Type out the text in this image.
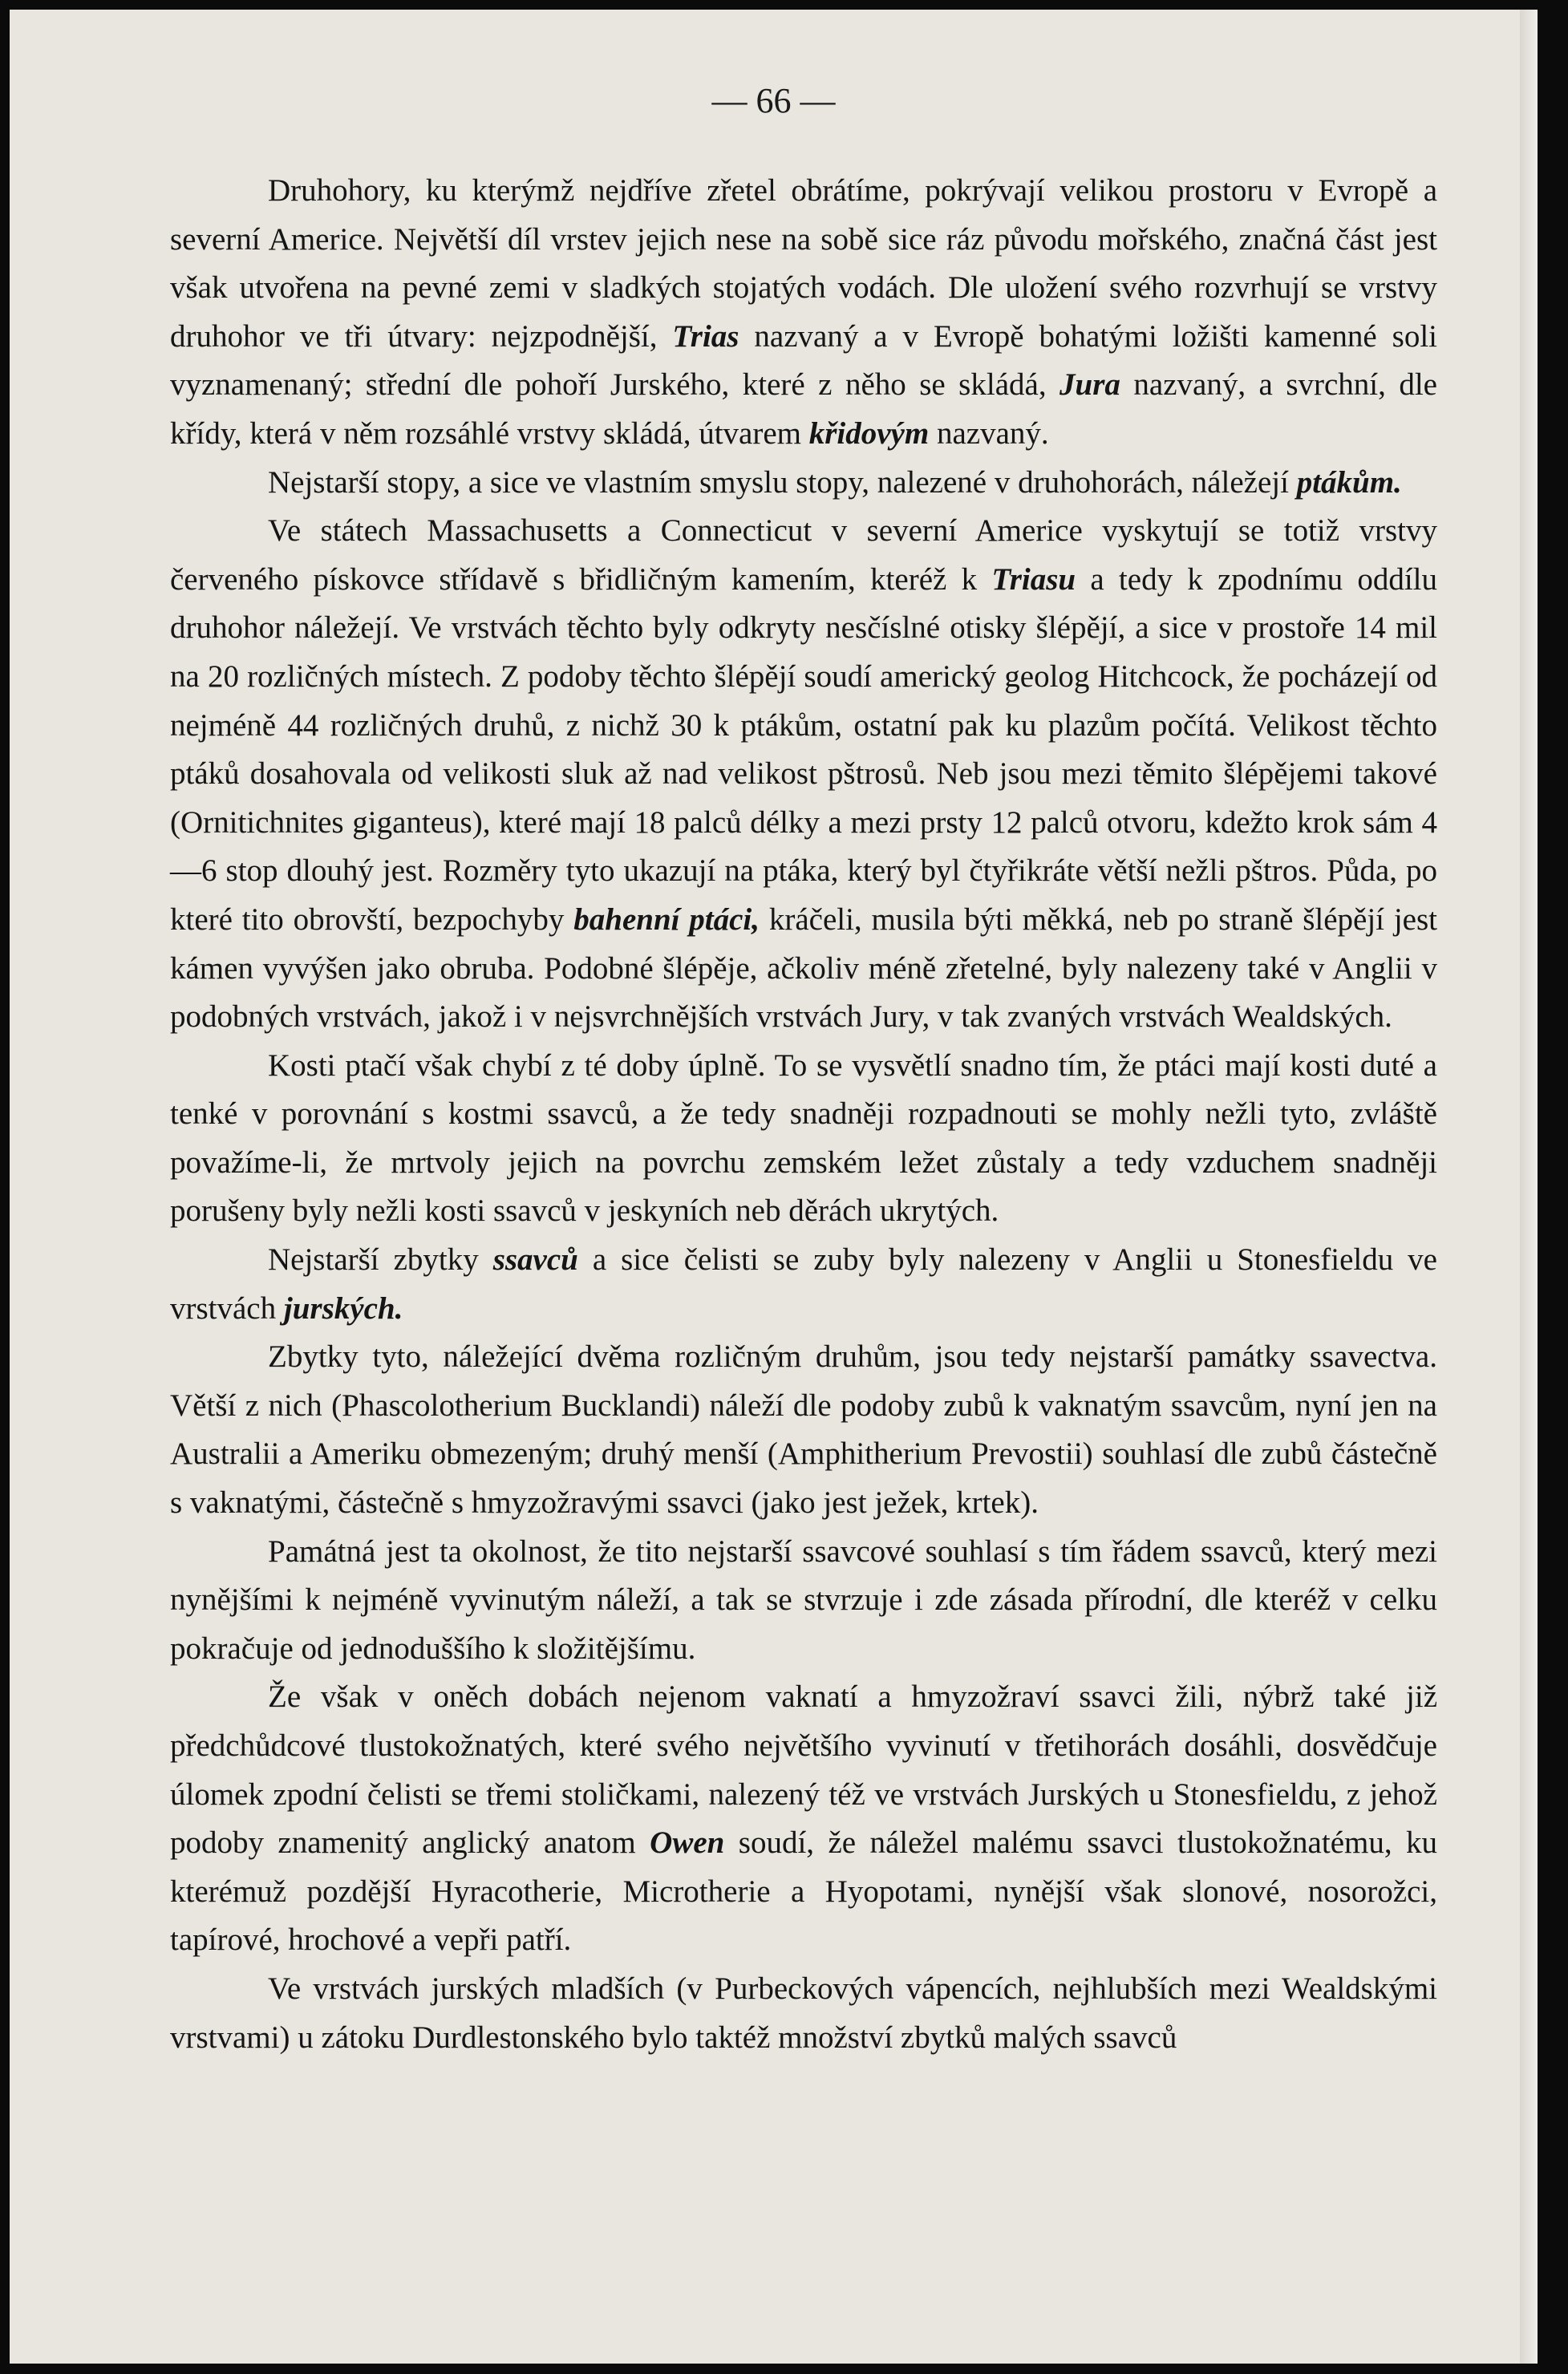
— 66 —

Druhohory, ku kterýmž nejdříve zřetel obrátíme, pokrývají velikou prostoru v Evropě a severní Americe. Největší díl vrstev jejich nese na sobě sice ráz původu mořského, značná část jest však utvořena na pevné zemi v sladkých stojatých vodách. Dle uložení svého rozvrhují se vrstvy druhohor ve tři útvary: nejzpodnější, Trias nazvaný a v Evropě bohatými ložišti kamenné soli vyznamenaný; střední dle pohoří Jurského, které z něho se skládá, Jura nazvaný, a svrchní, dle křídy, která v něm rozsáhlé vrstvy skládá, útvarem křidovým nazvaný.

Nejstarší stopy, a sice ve vlastním smyslu stopy, nalezené v druhohorách, náležejí ptákům.

Ve státech Massachusetts a Connecticut v severní Americe vyskytují se totiž vrstvy červeného pískovce střídavě s břidličným kamením, kteréž k Triasu a tedy k zpodnímu oddílu druhohor náležejí. Ve vrstvách těchto byly odkryty nesčíslné otisky šlépějí, a sice v prostoře 14 mil na 20 rozličných místech. Z podoby těchto šlépějí soudí americký geolog Hitchcock, že pocházejí od nejméně 44 rozličných druhů, z nichž 30 k ptákům, ostatní pak ku plazům počítá. Velikost těchto ptáků dosahovala od velikosti sluk až nad velikost pštrosů. Neb jsou mezi těmito šlépějemi takové (Ornitichnites giganteus), které mají 18 palců délky a mezi prsty 12 palců otvoru, kdežto krok sám 4—6 stop dlouhý jest. Rozměry tyto ukazují na ptáka, který byl čtyřikráte větší nežli pštros. Půda, po které tito obrovští, bezpochyby bahenní ptáci, kráčeli, musila býti měkká, neb po straně šlépějí jest kámen vyvýšen jako obruba. Podobné šlépěje, ačkoliv méně zřetelné, byly nalezeny také v Anglii v podobných vrstvách, jakož i v nejsvrchnějších vrstvách Jury, v tak zvaných vrstvách Wealdských.

Kosti ptačí však chybí z té doby úplně. To se vysvětlí snadno tím, že ptáci mají kosti duté a tenké v porovnání s kostmi ssavců, a že tedy snadněji rozpadnouti se mohly nežli tyto, zvláště považíme-li, že mrtvoly jejich na povrchu zemském ležet zůstaly a tedy vzduchem snadněji porušeny byly nežli kosti ssavců v jeskyních neb děrách ukrytých.

Nejstarší zbytky ssavců a sice čelisti se zuby byly nalezeny v Anglii u Stonesfieldu ve vrstvách jurských.

Zbytky tyto, náležející dvěma rozličným druhům, jsou tedy nejstarší památky ssavectva. Větší z nich (Phascolotherium Bucklandi) náleží dle podoby zubů k vaknatým ssavcům, nyní jen na Australii a Ameriku obmezeným; druhý menší (Amphitherium Prevostii) souhlasí dle zubů částečně s vaknatými, částečně s hmyzožravými ssavci (jako jest ježek, krtek).

Památná jest ta okolnost, že tito nejstarší ssavcové souhlasí s tím řádem ssavců, který mezi nynějšími k nejméně vyvinutým náleží, a tak se stvrzuje i zde zásada přírodní, dle kteréž v celku pokračuje od jednoduššího k složitějšímu.

Že však v oněch dobách nejenom vaknatí a hmyzožraví ssavci žili, nýbrž také již předchůdcové tlustokožnatých, které svého největšího vyvinutí v třetihorách dosáhli, dosvědčuje úlomek zpodní čelisti se třemi stoličkami, nalezený též ve vrstvách Jurských u Stonesfieldu, z jehož podoby znamenitý anglický anatom Owen soudí, že náležel malému ssavci tlustokožnatému, ku kterémuž pozdější Hyracotherie, Microtherie a Hyopotami, nynější však slonové, nosorožci, tapírové, hrochové a vepři patří.

Ve vrstvách jurských mladších (v Purbeckových vápencích, nejhlubších mezi Wealdskými vrstvami) u zátoku Durdlestonského bylo taktéž množství zbytků malých ssavců
